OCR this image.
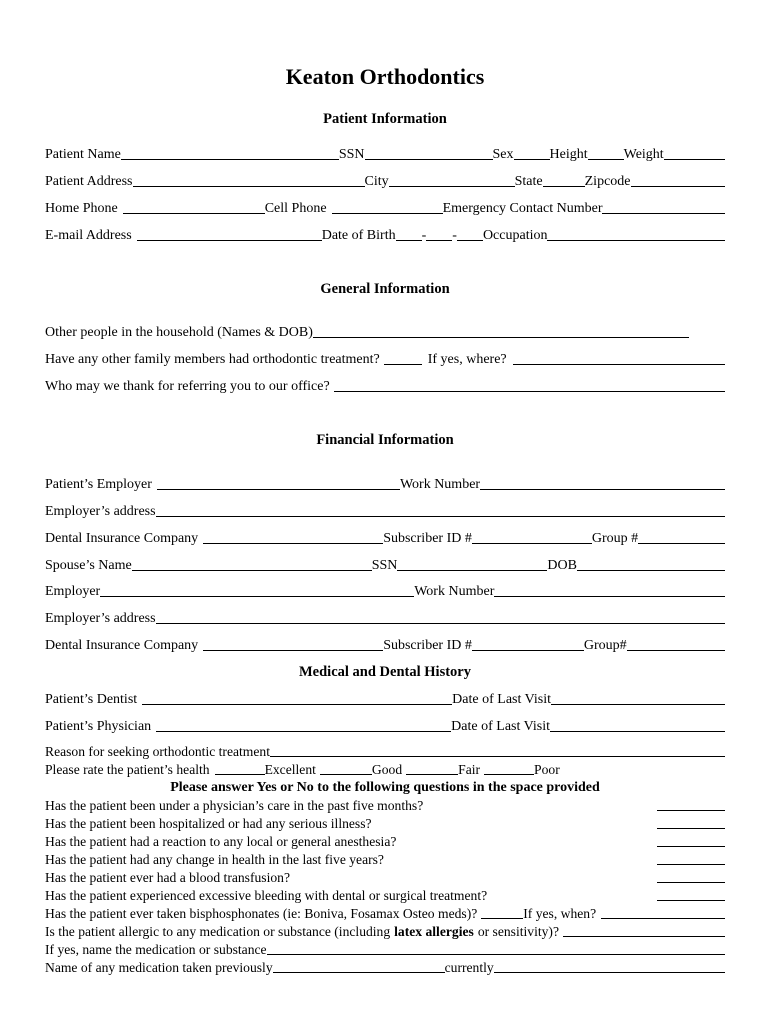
Keaton Orthodontics
Patient Information
Patient Name	SSN	Sex	Height	Weight
Patient Address	City	State	Zipcode
Home Phone	Cell Phone	Emergency Contact Number
E-mail Address	Date of Birth - - Occupation
General Information
Other people in the household (Names & DOB)
Have any other family members had orthodontic treatment?	If yes, where?
Who may we thank for referring you to our office?
Financial Information
Patient’s Employer	Work Number
Employer’s address
Dental Insurance Company	Subscriber ID #	Group #
Spouse’s Name	SSN	DOB
Employer	Work Number
Employer’s address
Dental Insurance Company	Subscriber ID #	Group#
Medical and Dental History
Patient’s Dentist	Date of Last Visit
Patient’s Physician	Date of Last Visit
Reason for seeking orthodontic treatment
Please rate the patient’s health	Excellent	Good	Fair	Poor
Please answer Yes or No to the following questions in the space provided
Has the patient been under a physician’s care in the past five months?
Has the patient been hospitalized or had any serious illness?
Has the patient had a reaction to any local or general anesthesia?
Has the patient had any change in health in the last five years?
Has the patient ever had a blood transfusion?
Has the patient experienced excessive bleeding with dental or surgical treatment?
Has the patient ever taken bisphosphonates (ie: Boniva, Fosamax Osteo meds)?	If yes, when?
Is the patient allergic to any medication or substance (including latex allergies or sensitivity)?
If yes, name the medication or substance
Name of any medication taken previously	currently
